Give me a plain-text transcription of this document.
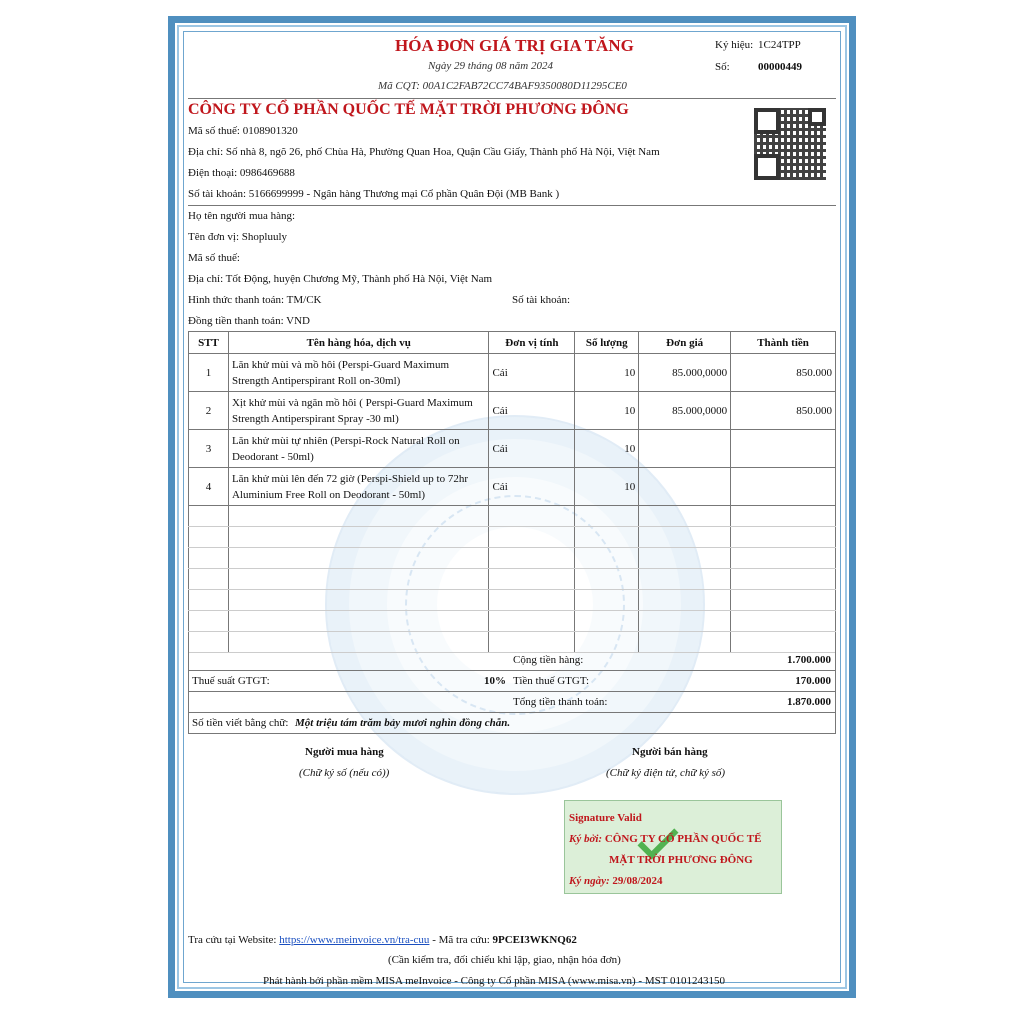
HÓA ĐƠN GIÁ TRỊ GIA TĂNG
Ngày 29 tháng 08 năm 2024
Mã CQT: 00A1C2FAB72CC74BAF9350080D11295CE0
Ký hiệu: 1C24TPP
Số:	00000449
CÔNG TY CỔ PHẦN QUỐC TẾ MẶT TRỜI PHƯƠNG ĐÔNG
Mã số thuế: 0108901320
Địa chỉ: Số nhà 8, ngõ 26, phố Chùa Hà, Phường Quan Hoa, Quận Cầu Giấy, Thành phố Hà Nội, Việt Nam
Điện thoại: 0986469688
Số tài khoản: 5166699999 - Ngân hàng Thương mại Cổ phần Quân Đội (MB Bank )
Họ tên người mua hàng:
Tên đơn vị: Shopluuly
Mã số thuế:
Địa chỉ: Tốt Động, huyện Chương Mỹ, Thành phố Hà Nội, Việt Nam
Hình thức thanh toán: TM/CK	Số tài khoản:
Đồng tiền thanh toán: VND
STT	Tên hàng hóa, dịch vụ	Đơn vị tính	Số lượng	Đơn giá	Thành tiền
1	Lăn khử mùi và mồ hôi (Perspi-Guard Maximum Strength Antiperspirant Roll on-30ml)	Cái	10	85.000,0000	850.000
2	Xịt khử mùi và ngăn mồ hôi ( Perspi-Guard Maximum Strength Antiperspirant Spray -30 ml)	Cái	10	85.000,0000	850.000
3	Lăn khử mùi tự nhiên (Perspi-Rock Natural Roll on Deodorant - 50ml)	Cái	10		
4	Lăn khử mùi lên đến 72 giờ (Perspi-Shield up to 72hr Aluminium Free Roll on Deodorant - 50ml)	Cái	10		

Cộng tiền hàng:	1.700.000
Thuế suất GTGT:	10% Tiền thuế GTGT:	170.000
Tổng tiền thanh toán:	1.870.000
Số tiền viết bằng chữ: Một triệu tám trăm bảy mươi nghìn đồng chẵn.
Người mua hàng
(Chữ ký số (nếu có))
Người bán hàng
(Chữ ký điện tử, chữ ký số)
Signature Valid
Ký bởi: CÔNG TY CỔ PHẦN QUỐC TẾ
MẶT TRỜI PHƯƠNG ĐÔNG
Ký ngày: 29/08/2024
Tra cứu tại Website: https://www.meinvoice.vn/tra-cuu - Mã tra cứu: 9PCEI3WKNQ62
(Cần kiểm tra, đối chiếu khi lập, giao, nhận hóa đơn)
Phát hành bởi phần mềm MISA meInvoice - Công ty Cổ phần MISA (www.misa.vn) - MST 0101243150
